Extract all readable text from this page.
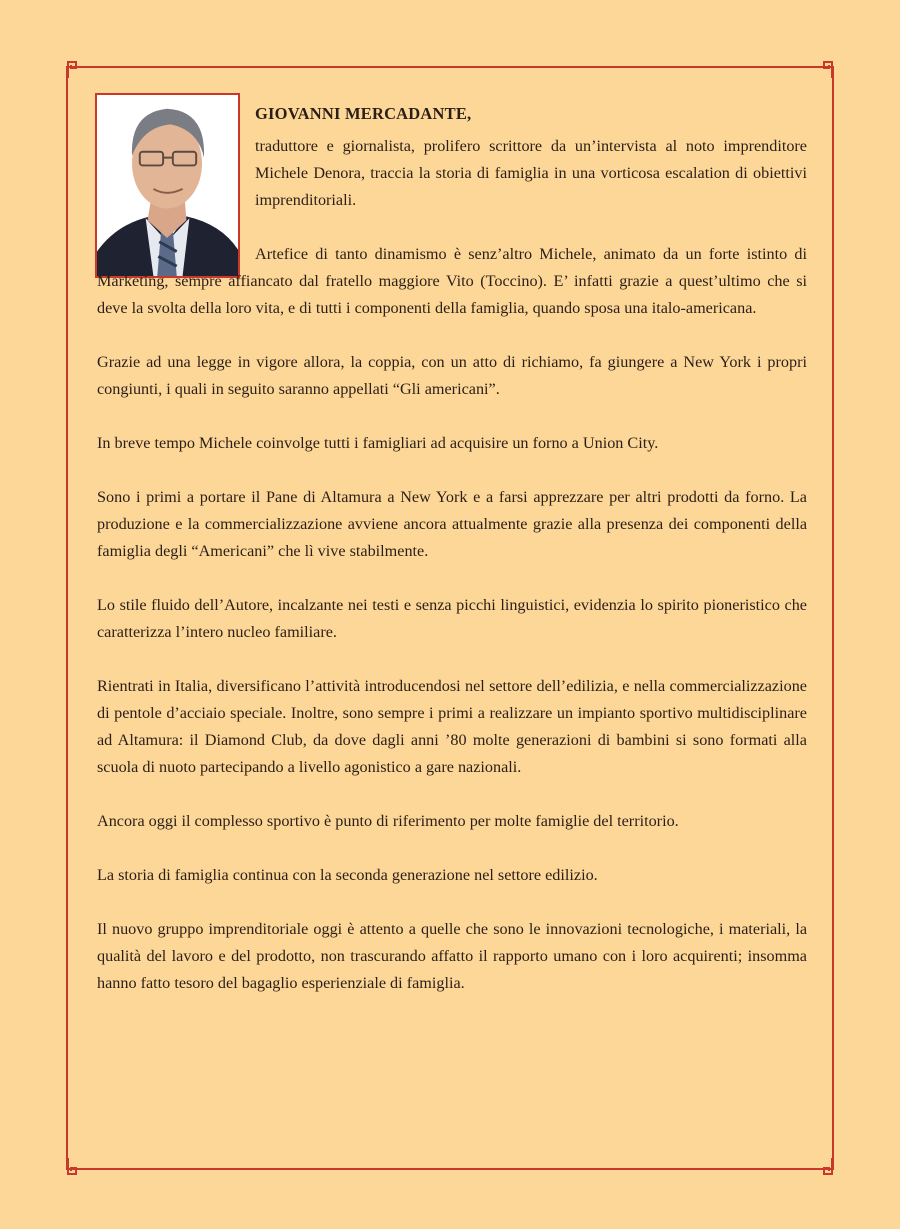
GIOVANNI MERCADANTE,
traduttore e giornalista, prolifero scrittore da un’intervista al noto imprenditore Michele Denora, traccia la storia di famiglia in una vorticosa escalation di obiettivi imprenditoriali.

Artefice di tanto dinamismo è senz’altro Michele, animato da un forte istinto di Marketing, sempre affiancato dal fratello maggiore Vito (Toccino). E’ infatti grazie a quest’ultimo che si deve la svolta della loro vita, e di tutti i componenti della famiglia, quando sposa una italo-americana.

Grazie ad una legge in vigore allora, la coppia, con un atto di richiamo, fa giungere a New York i propri congiunti, i quali in seguito saranno appellati “Gli americani”.

In breve tempo Michele coinvolge tutti i famigliari ad acquisire un forno a Union City.

Sono i primi a portare il Pane di Altamura a New York e a farsi apprezzare per altri prodotti da forno. La produzione e la commercializzazione avviene ancora attualmente grazie alla presenza dei componenti della famiglia degli “Americani” che lì vive stabilmente.

Lo stile fluido dell’Autore, incalzante nei testi e senza picchi linguistici, evidenzia lo spirito pioneristico che caratterizza l’intero nucleo familiare.

Rientrati in Italia, diversificano l’attività introducendosi nel settore dell’edilizia, e nella commercializzazione di pentole d’acciaio speciale. Inoltre, sono sempre i primi a realizzare un impianto sportivo multidisciplinare ad Altamura: il Diamond Club, da dove dagli anni ’80 molte generazioni di bambini si sono formati alla scuola di nuoto partecipando a livello agonistico a gare nazionali.

Ancora oggi il complesso sportivo è punto di riferimento per molte famiglie del territorio.

La storia di famiglia continua con la seconda generazione nel settore edilizio.

Il nuovo gruppo imprenditoriale oggi è attento a quelle che sono le innovazioni tecnologiche, i materiali, la qualità del lavoro e del prodotto, non trascurando affatto il rapporto umano con i loro acquirenti; insomma hanno fatto tesoro del bagaglio esperienziale di famiglia.
